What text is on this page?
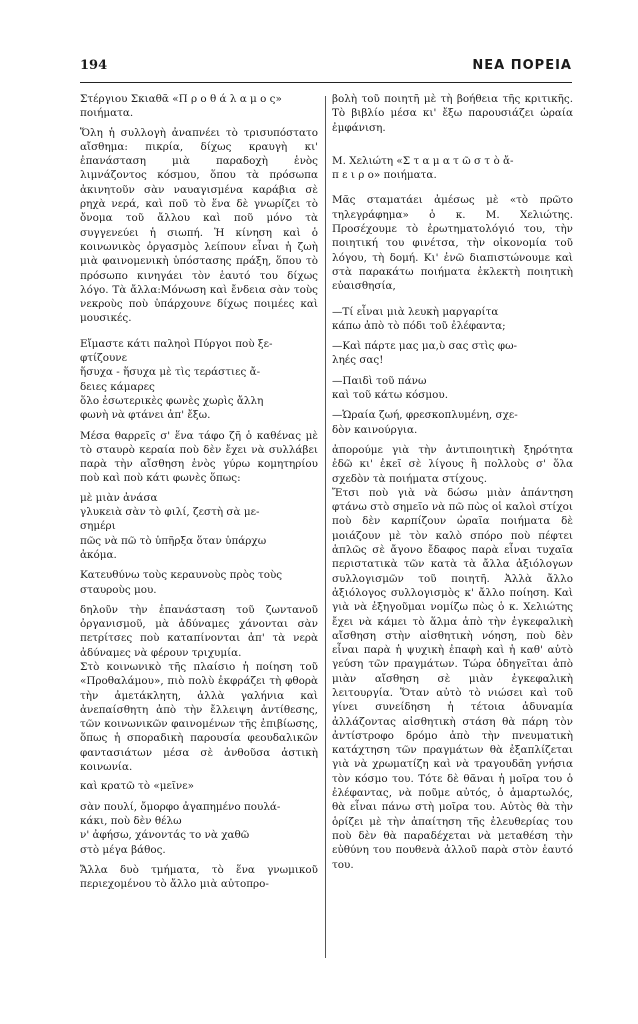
194	ΝΕΑ ΠΟΡΕΙΑ

Στέργιου Σκιαθᾶ «Π ρ ο θ ά λ α μ ο ς»
ποιήματα.

Ὅλη ἡ συλλογὴ ἀναπνέει τὸ τρισυπόστατο αἴσθημα: πικρία, δίχως κραυγὴ κι' ἐπανάσταση μιὰ παραδοχὴ ἑνὸς λιμνάζοντος κόσμου, ὅπου τὰ πρόσωπα ἀκινητοῦν σὰν ναυαγισμένα καράβια σὲ ρηχὰ νερά, καὶ ποῦ τὸ ἕνα δὲ γνωρίζει τὸ ὄνομα τοῦ ἄλλου καὶ ποῦ μόνο τὰ συγγενεύει ἡ σιωπή. Ἡ κίνηση καὶ ὁ κοινωνικὸς ὀργασμὸς λείπουν εἶναι ἡ ζωὴ μιὰ φαινομενικὴ ὑπόστασης πράξη, ὅπου τὸ πρόσωπο κινηγάει τὸν ἑαυτό του δίχως λόγο. Τὰ ἄλλα:Μόνωση καὶ ἔνδεια σὰν τοὺς νεκροὺς ποὺ ὑπάρχουνε δίχως ποιμέες καὶ μουσικές.

Εἴμαστε κάτι παληοὶ Πύργοι ποὺ ξε-
φτίζουνε
ἥσυχα - ἥσυχα μὲ τὶς τεράστιες ἄ-
δειες κάμαρες
ὅλο ἐσωτερικὲς φωνὲς χωρὶς ἄλλη
φωνὴ νὰ φτάνει ἀπ' ἔξω.

Μέσα θαρρεῖς σ' ἕνα τάφο ζῆ ὁ καθένας μὲ τὸ σταυρὸ κεραία ποὺ δὲν ἔχει νὰ συλλάβει παρὰ τὴν αἴσθηση ἑνὸς γύρω κομητηρίου ποὺ καὶ ποὺ κάτι φωνὲς ὅπως:

μὲ μιὰν ἀνάσα
γλυκειὰ σὰν τὸ φιλί, ζεστὴ σὰ με-
σημέρι
πῶς νὰ πῶ τὸ ὑπῆρξα ὅταν ὑπάρχω
ἀκόμα.

Κατευθύνω τοὺς κεραυνοὺς πρὸς τοὺς
σταυροὺς μου.

δηλοῦν τὴν ἐπανάσταση τοῦ ζωντανοῦ ὀργανισμοῦ, μὰ ἀδύναμες χάνονται σὰν πετρίτσες ποὺ καταπίνονται ἀπ' τὰ νερὰ ἀδύναμες νὰ φέρουν τριχυμία.
Στὸ κοινωνικὸ τῆς πλαίσιο ἡ ποίηση τοῦ «Προθαλάμου», πιὸ πολὺ ἐκφράζει τὴ φθορὰ τὴν ἀμετάκλητη, ἀλλὰ γαλήνια καὶ ἀνεπαίσθητη ἀπὸ τὴν ἔλλειψη ἀντίθεσης, τῶν κοινωνικῶν φαινομένων τῆς ἐπιβίωσης, ὅπως ἡ σποραδικὴ παρουσία φεουδαλικῶν φαντασιάτων μέσα σὲ ἀνθοῦσα ἀστικὴ κοινωνία.

καὶ κρατῶ τὸ «μεῖνε»

σὰν πουλί, ὄμορφο ἀγαπημένο πουλά-
κάκι, ποὺ δὲν θέλω
ν' ἀφήσω, χάνοντάς το νὰ χαθῶ
στὸ μέγα βάθος.

Ἄλλα δυὸ τμήματα, τὸ ἕνα γνωμικοῦ περιεχομένου τὸ ἄλλο μιὰ αὐτοπρο-

βολὴ τοῦ ποιητῆ μὲ τὴ βοήθεια τῆς κριτικῆς. Τὸ βιβλίο μέσα κι' ἔξω παρουσιάζει ὡραία ἐμφάνιση.

Μ. Χελιώτη «Σ τ α μ α τ ῶ σ τ ὸ ἄ-
π ε ι ρ ο» ποιήματα.

Μᾶς σταματάει ἀμέσως μὲ «τὸ πρῶτο τηλεγράφημα» ὁ κ. Μ. Χελιώτης. Προσέχουμε τὸ ἐρωτηματολόγιό του, τὴν ποιητική του φινέτσα, τὴν οἰκονομία τοῦ λόγου, τὴ δομή. Κι' ἐνῶ διαπιστώνουμε καὶ στὰ παρακάτω ποιήματα ἐκλεκτὴ ποιητικὴ εὐαισθησία,

—Τί εἶναι μιὰ λευκὴ μαργαρίτα
κάπω ἀπὸ τὸ πόδι τοῦ ἐλέφαντα;

—Καὶ πάρτε μας μα,ὺ σας στὶς φω-
ληές σας!

—Παιδὶ τοῦ πάνω
καὶ τοῦ κάτω κόσμου.

—Ὡραία ζωή, φρεσκοπλυμένη, σχε-
δὸν καινούργια.

ἀπορούμε γιὰ τὴν ἀντιποιητικὴ ξηρότητα ἐδῶ κι' ἐκεῖ σὲ λίγους ἢ πολλοὺς σ' ὅλα σχεδὸν τὰ ποιήματα στίχους.
Ἔτσι ποὺ γιὰ νὰ δώσω μιὰν ἀπάντηση φτάνω στὸ σημεῖο νὰ πῶ πὼς οἱ καλοὶ στίχοι ποὺ δὲν καρπίζουν ὡραῖα ποιήματα δὲ μοιάζουν μὲ τὸν καλὸ σπόρο ποὺ πέφτει ἁπλῶς σὲ ἄγονο ἔδαφος παρὰ εἶναι τυχαῖα περιστατικὰ τῶν κατὰ τὰ ἄλλα ἀξιόλογων συλλογισμῶν τοῦ ποιητῆ. Ἀλλὰ ἄλλο ἀξιόλογος συλλογισμὸς κ' ἄλλο ποίηση. Καὶ γιὰ νὰ ἐξηγοῦμαι νομίζω πὼς ὁ κ. Χελιώτης ἔχει νὰ κάμει τὸ ἅλμα ἀπὸ τὴν ἐγκεφαλικὴ αἴσθηση στὴν αἰσθητικὴ νόηση, ποὺ δὲν εἶναι παρὰ ἡ ψυχικὴ ἐπαφὴ καὶ ἡ καθ' αὐτὸ γεύση τῶν πραγμάτων. Τώρα ὁδηγεῖται ἀπὸ μιὰν αἴσθηση σὲ μιὰν ἐγκεφαλικὴ λειτουργία. Ὅταν αὐτὸ τὸ νιώσει καὶ τοῦ γίνει συνείδηση ἡ τέτοια ἀδυναμία ἀλλάζοντας αἰσθητικὴ στάση θὰ πάρη τὸν ἀντίστροφο δρόμο ἀπὸ τὴν πνευματικὴ κατάχτηση τῶν πραγμάτων θὰ ἐξαπλίζεται γιὰ νὰ χρωματίζη καὶ νὰ τραγουδᾶη γνήσια τὸν κόσμο του. Τότε δὲ θᾶναι ἡ μοῖρα του ὁ ἐλέφαντας, νὰ ποῦμε αὐτός, ὁ ἁμαρτωλός, θὰ εἶναι πάνω στὴ μοῖρα του. Αὐτὸς θὰ τὴν ὁρίζει μὲ τὴν ἀπαίτηση τῆς ἐλευθερίας του ποὺ δὲν θὰ παραδέχεται νὰ μεταθέση τὴν εὐθύνη του πουθενὰ ἀλλοῦ παρὰ στὸν ἑαυτό του.
